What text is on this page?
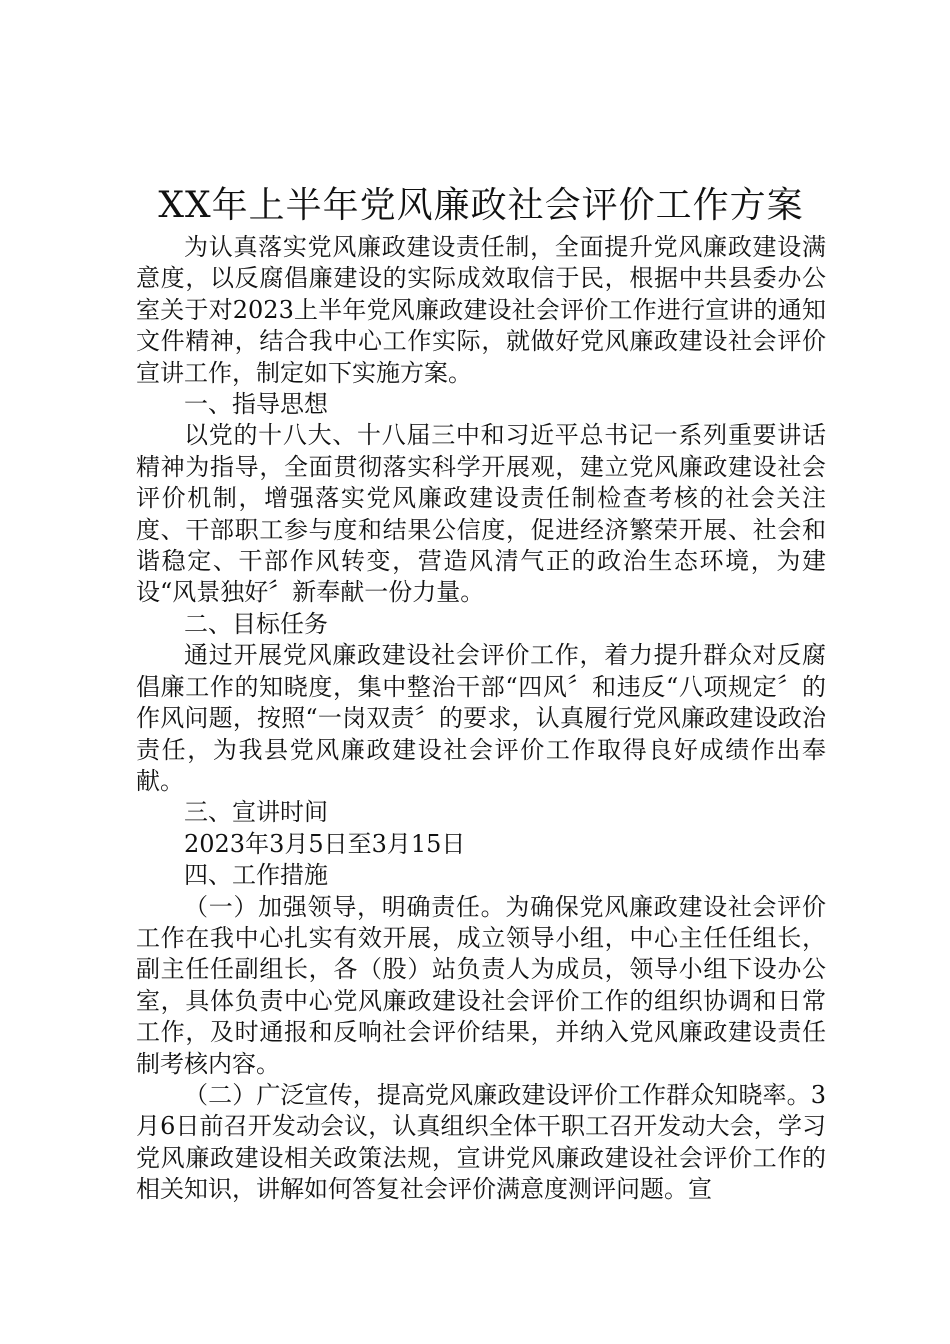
XX年上半年党风廉政社会评价工作方案

为认真落实党风廉政建设责任制，全面提升党风廉政建设满意度，以反腐倡廉建设的实际成效取信于民，根据中共县委办公室关于对2023上半年党风廉政建设社会评价工作进行宣讲的通知文件精神，结合我中心工作实际，就做好党风廉政建设社会评价宣讲工作，制定如下实施方案。

一、指导思想

以党的十八大、十八届三中和习近平总书记一系列重要讲话精神为指导，全面贯彻落实科学开展观，建立党风廉政建设社会评价机制，增强落实党风廉政建设责任制检查考核的社会关注度、干部职工参与度和结果公信度，促进经济繁荣开展、社会和谐稳定、干部作风转变，营造风清气正的政治生态环境，为建设“风景独好〞新奉献一份力量。

二、目标任务

通过开展党风廉政建设社会评价工作，着力提升群众对反腐倡廉工作的知晓度，集中整治干部“四风〞和违反“八项规定〞的作风问题，按照“一岗双责〞的要求，认真履行党风廉政建设政治责任，为我县党风廉政建设社会评价工作取得良好成绩作出奉献。

三、宣讲时间

2023年3月5日至3月15日

四、工作措施

（一）加强领导，明确责任。为确保党风廉政建设社会评价工作在我中心扎实有效开展，成立领导小组，中心主任任组长，副主任任副组长，各（股）站负责人为成员，领导小组下设办公室，具体负责中心党风廉政建设社会评价工作的组织协调和日常工作，及时通报和反响社会评价结果，并纳入党风廉政建设责任制考核内容。

（二）广泛宣传，提高党风廉政建设评价工作群众知晓率。3月6日前召开发动会议，认真组织全体干职工召开发动大会，学习党风廉政建设相关政策法规，宣讲党风廉政建设社会评价工作的相关知识，讲解如何答复社会评价满意度测评问题。宣
